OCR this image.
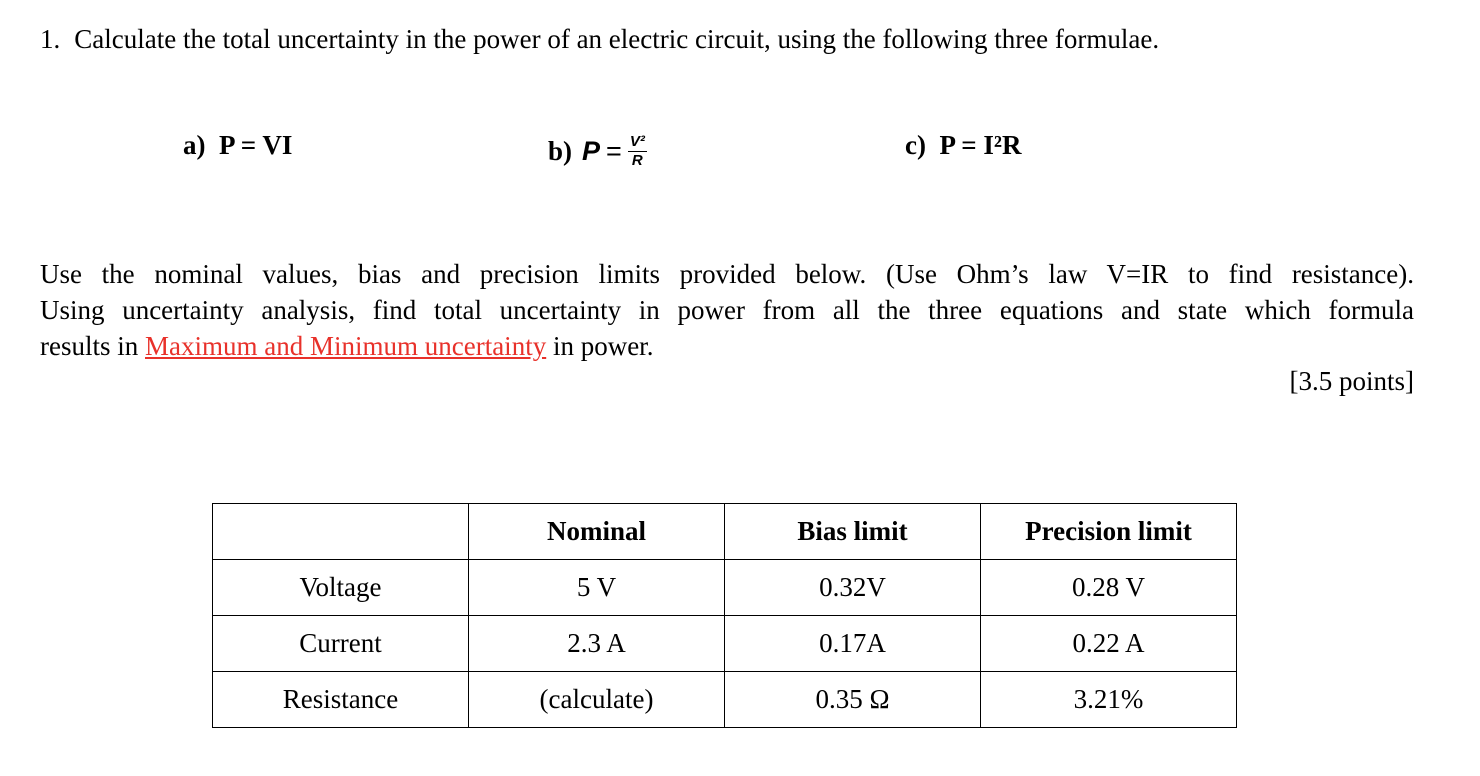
1. Calculate the total uncertainty in the power of an electric circuit, using the following three formulae.
a) P = VI	b) $P = \frac{\text{V²}}{R}$	c) P = I²R
Use the nominal values, bias and precision limits provided below. (Use Ohm’s law V=IR to find resistance).
Using uncertainty analysis, find total uncertainty in power from all the three equations and state which formula
results in Maximum and Minimum uncertainty in power.
[3.5 points]
	Nominal	Bias limit	Precision limit
Voltage	5 V	0.32V	0.28 V
Current	2.3 A	0.17A	0.22 A
Resistance	(calculate)	0.35 Ω	3.21%
